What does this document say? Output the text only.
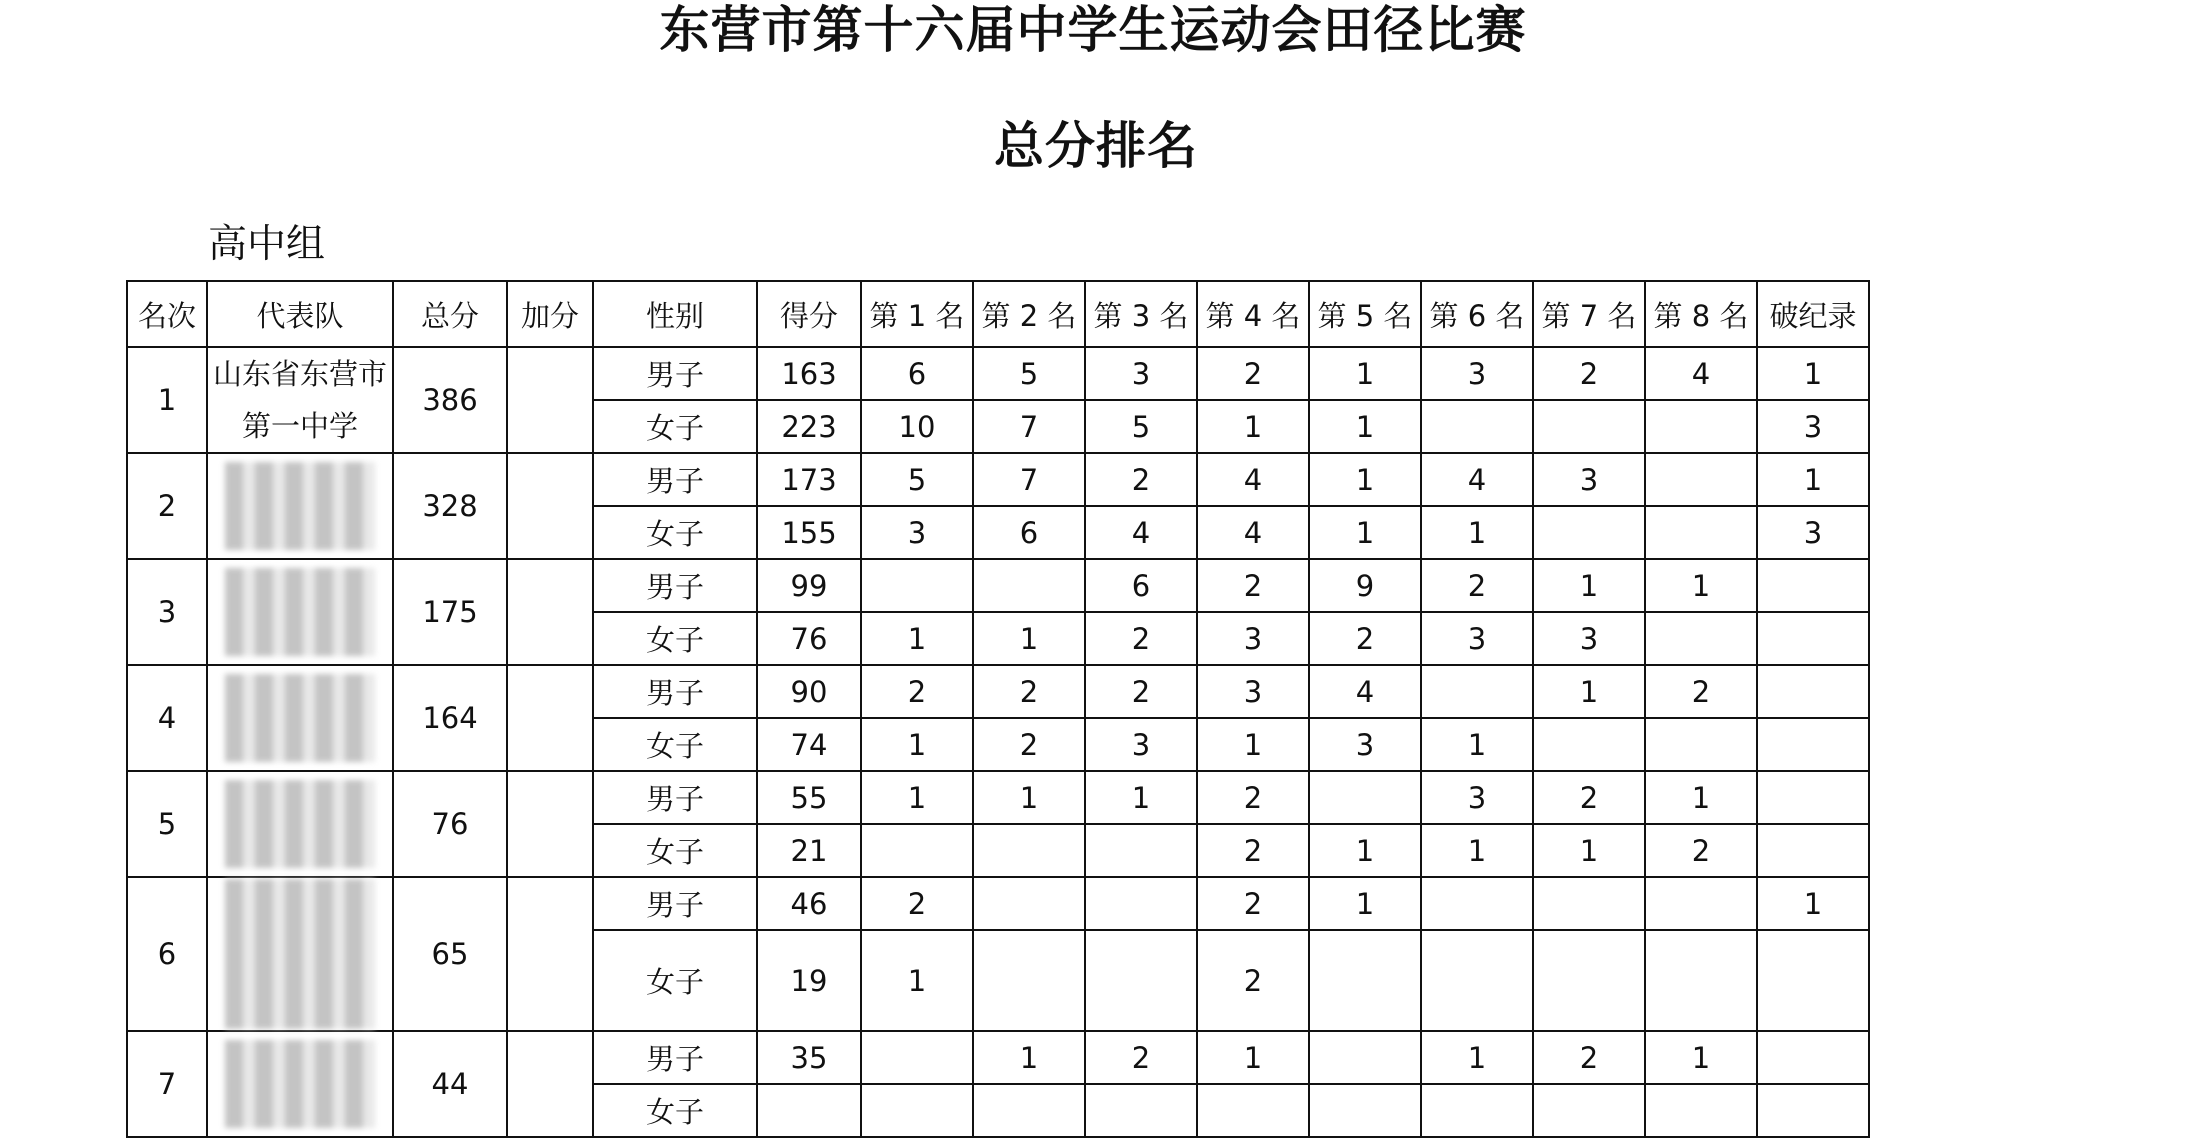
东营市第十六届中学生运动会田径比赛
总分排名
高中组
名次	代表队	总分	加分	性别	得分	第 1 名	第 2 名	第 3 名	第 4 名	第 5 名	第 6 名	第 7 名	第 8 名	破纪录
1	山东省东营市第一中学	386		男子	163	6	5	3	2	1	3	2	4	1
				女子	223	10	7	5	1	1				3
2		328		男子	173	5	7	2	4	1	4	3		1
				女子	155	3	6	4	4	1	1			3
3		175		男子	99			6	2	9	2	1	1	
				女子	76	1	1	2	3	2	3	3		
4		164		男子	90	2	2	2	3	4		1	2	
				女子	74	1	2	3	1	3	1			
5		76		男子	55	1	1	1	2		3	2	1	
				女子	21				2	1	1	1	2	
6		65		男子	46	2			2	1				1
				女子	19	1			2					
7		44		男子	35		1	2	1		1	2	1	
				女子										
